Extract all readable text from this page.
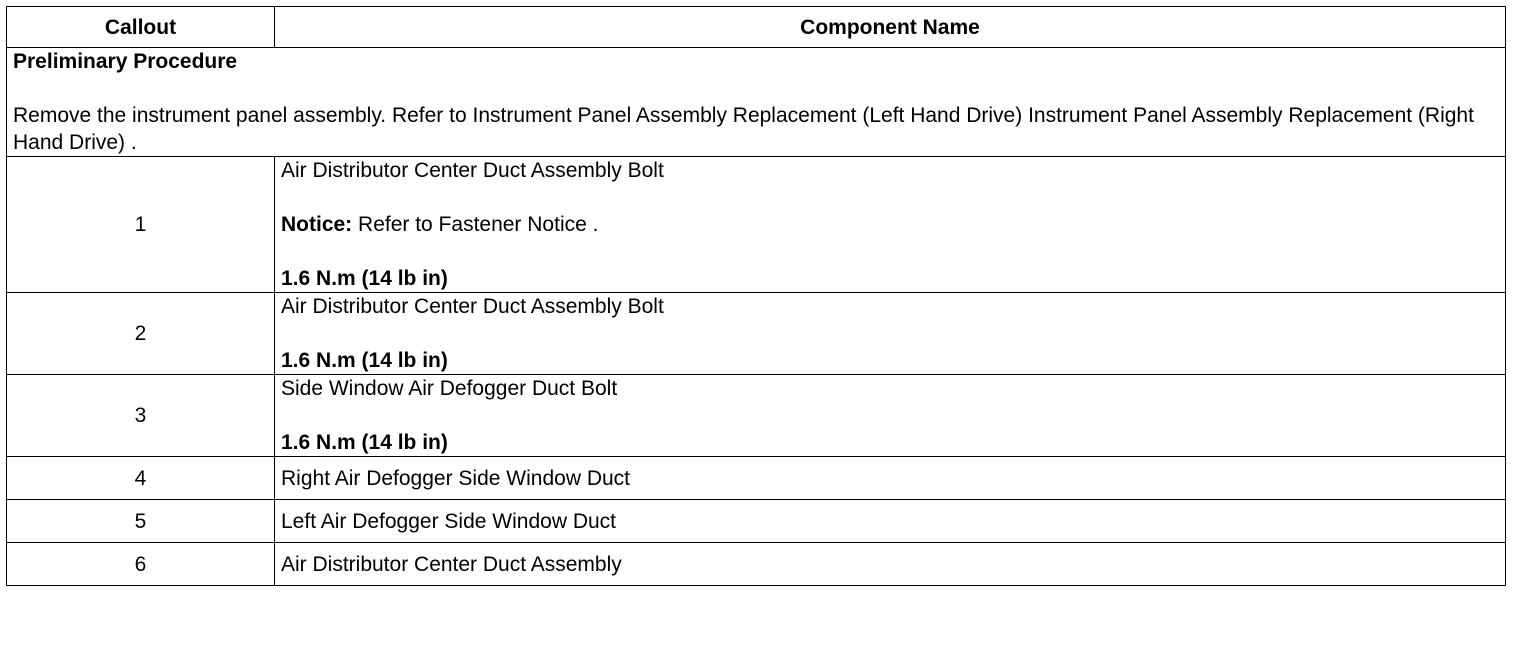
Callout	Component Name

Preliminary Procedure

Remove the instrument panel assembly. Refer to Instrument Panel Assembly Replacement (Left Hand Drive) Instrument Panel Assembly Replacement (Right Hand Drive) .	

1	Air Distributor Center Duct Assembly Bolt

Notice: Refer to Fastener Notice .

1.6 N.m (14 lb in)

2	Air Distributor Center Duct Assembly Bolt

1.6 N.m (14 lb in)

3	Side Window Air Defogger Duct Bolt

1.6 N.m (14 lb in)

4	Right Air Defogger Side Window Duct
5	Left Air Defogger Side Window Duct
6	Air Distributor Center Duct Assembly
